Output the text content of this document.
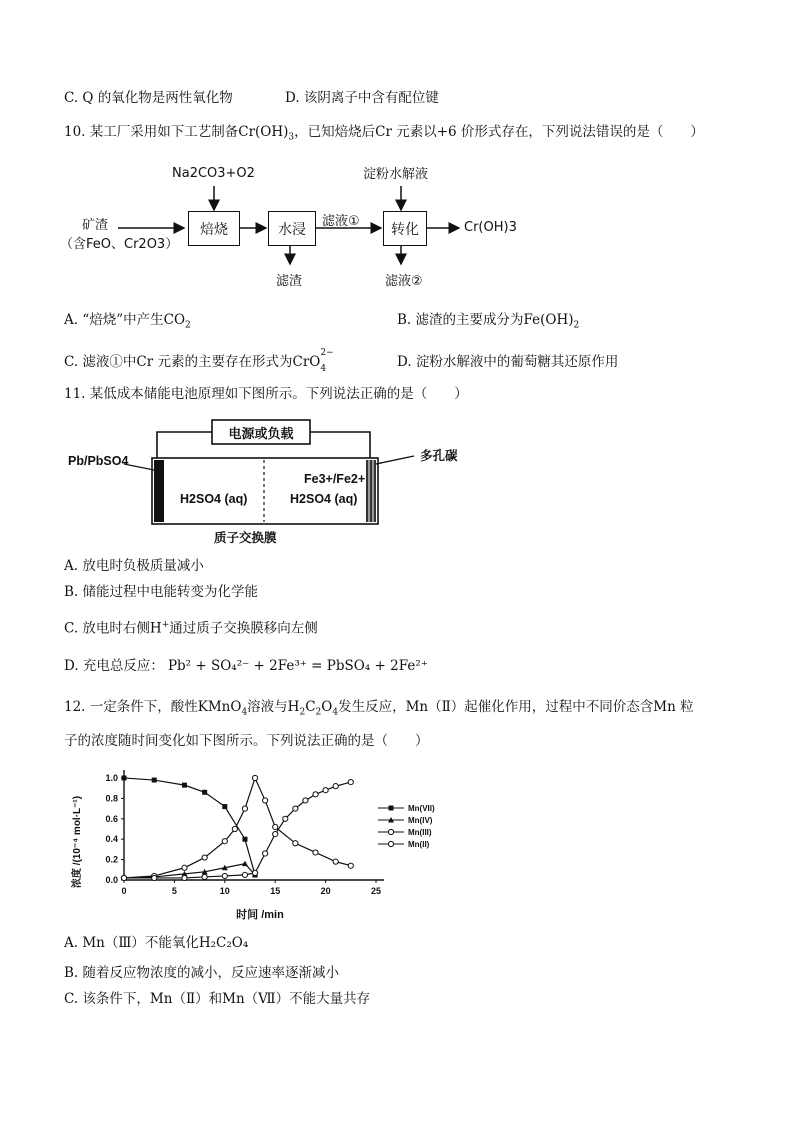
C. Q 的氧化物是两性氧化物	D. 该阴离子中含有配位键
10. 某工厂采用如下工艺制备$Cr(OH)_3$，已知焙烧后Cr 元素以+6 价形式存在，下列说法错误的是（　　）
Na2CO3+O2	淀粉水解液
矿渣
（含FeO、Cr2O3）
焙烧	水浸	滤液①	转化
滤渣	滤液②
Cr(OH)3
A. “焙烧”中产生$CO_2$	B. 滤渣的主要成分为$Fe(OH)_2$
C. 滤液①中Cr 元素的主要存在形式为CrO
2−
4	D. 淀粉水解液中的葡萄糖其还原作用
11. 某低成本储能电池原理如下图所示。下列说法正确的是（　　）
电源或负载
Pb/PbSO4	多孔碳
H2SO4 (aq)
Fe3+/Fe2+
H2SO4 (aq)
质子交换膜
A. 放电时负极质量减小
B. 储能过程中电能转变为化学能
C. 放电时右侧H+通过质子交换膜移向左侧
D. 充电总反应： Pb² + SO₄²⁻ + 2Fe³⁺ = PbSO₄ + 2Fe²⁺
12. 一定条件下，酸性KMnO$_4$溶液与$H_2C_2O_4$发生反应，Mn（Ⅱ）起催化作用，过程中不同价态含Mn 粒
子的浓度随时间变化如下图所示。下列说法正确的是（　　）
浓度 /(10⁻⁴ mol·L⁻¹)
时间 /min
0	5	10	15	20	25
0.0
0.2
0.4
0.6
0.8
1.0
Mn(VII)
Mn(IV)
Mn(III)
Mn(II)
A. Mn（Ⅲ）不能氧化H₂C₂O₄
B. 随着反应物浓度的减小，反应速率逐渐减小
C. 该条件下，Mn（Ⅱ）和Mn（Ⅶ）不能大量共存
